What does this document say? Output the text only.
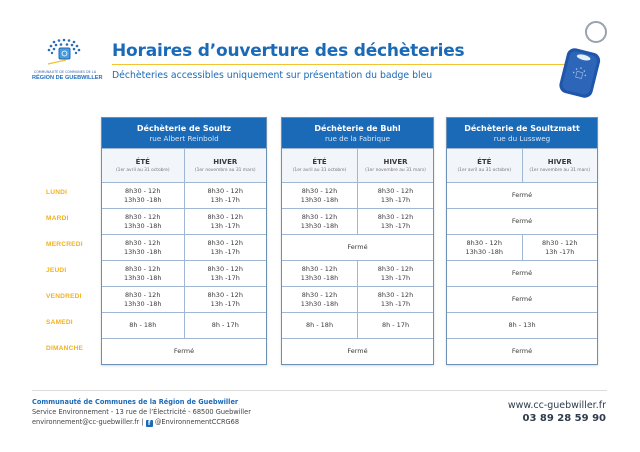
COMMUNAUTÉ DE COMMUNES DE LA
RÉGION DE GUEBWILLER
Horaires d’ouverture des déchèteries
Déchèteries accessibles uniquement sur présentation du badge bleu
LUNDI
MARDI
MERCREDI
JEUDI
VENDREDI
SAMEDI
DIMANCHE
Déchèterie de Soultz
rue Albert Reinbold
ÉTÉ
(1er avril au 31 octobre)
HIVER
(1er novembre au 31 mars)
8h30 - 12h
13h30 -18h
8h30 - 12h
13h -17h
8h30 - 12h
13h30 -18h
8h30 - 12h
13h -17h
8h30 - 12h
13h30 -18h
8h30 - 12h
13h -17h
8h30 - 12h
13h30 -18h
8h30 - 12h
13h -17h
8h30 - 12h
13h30 -18h
8h30 - 12h
13h -17h
8h - 18h	8h - 17h
Fermé
Déchèterie de Buhl
rue de la Fabrique
ÉTÉ
(1er avril au 31 octobre)
HIVER
(1er novembre au 31 mars)
8h30 - 12h
13h30 -18h
8h30 - 12h
13h -17h
8h30 - 12h
13h30 -18h
8h30 - 12h
13h -17h
Fermé
8h30 - 12h
13h30 -18h
8h30 - 12h
13h -17h
8h30 - 12h
13h30 -18h
8h30 - 12h
13h -17h
8h - 18h	8h - 17h
Fermé
Déchèterie de Soultzmatt
rue du Lussweg
ÉTÉ
(1er avril au 31 octobre)
HIVER
(1er novembre au 31 mars)
Fermé
Fermé
8h30 - 12h
13h30 -18h
8h30 - 12h
13h -17h
Fermé
Fermé
8h - 13h
Fermé
Communauté de Communes de la Région de Guebwiller
Service Environnement - 13 rue de l’Électricité - 68500 Guebwiller
environnement@cc-guebwiller.fr | f @EnvironnementCCRG68
www.cc-guebwiller.fr
03 89 28 59 90
